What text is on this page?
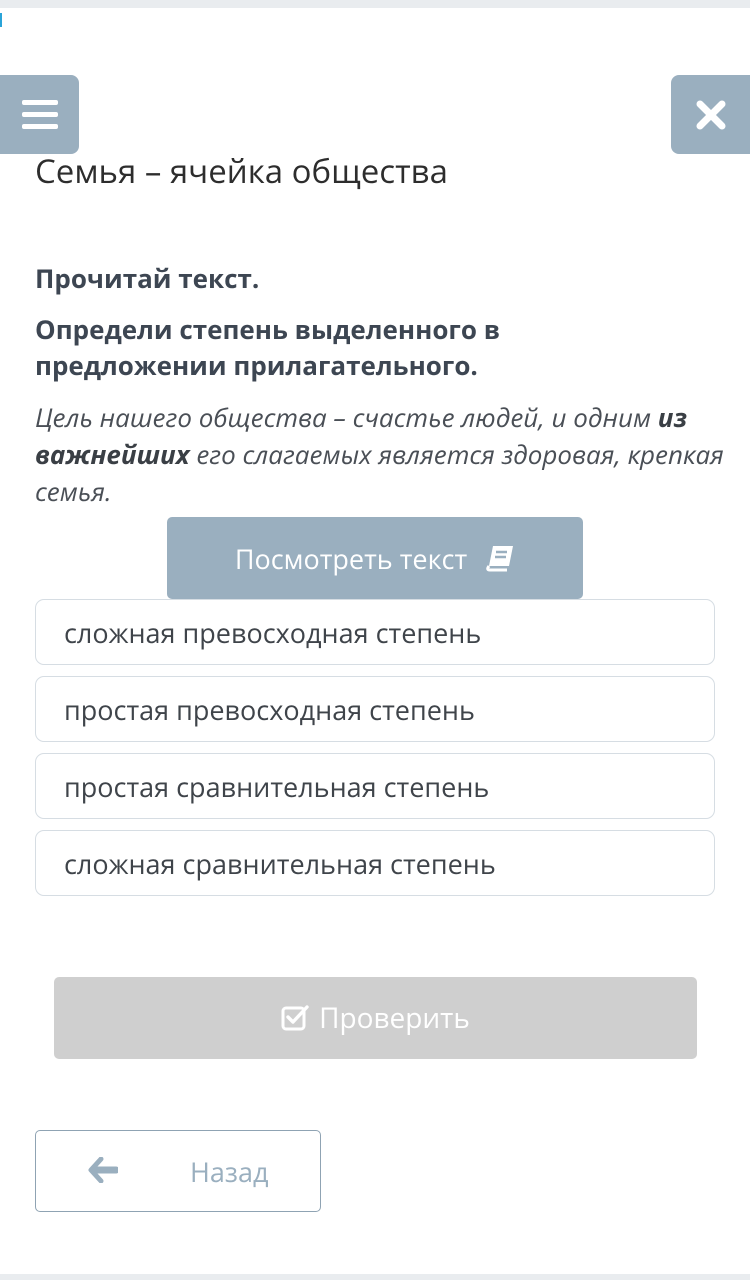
Семья – ячейка общества
Прочитай текст.
Определи степень выделенного в предложении прилагательного.
Цель нашего общества – счастье людей, и одним из важнейших его слагаемых является здоровая, крепкая семья.
Посмотреть текст
сложная превосходная степень
простая превосходная степень
простая сравнительная степень
сложная сравнительная степень
Проверить
Назад
